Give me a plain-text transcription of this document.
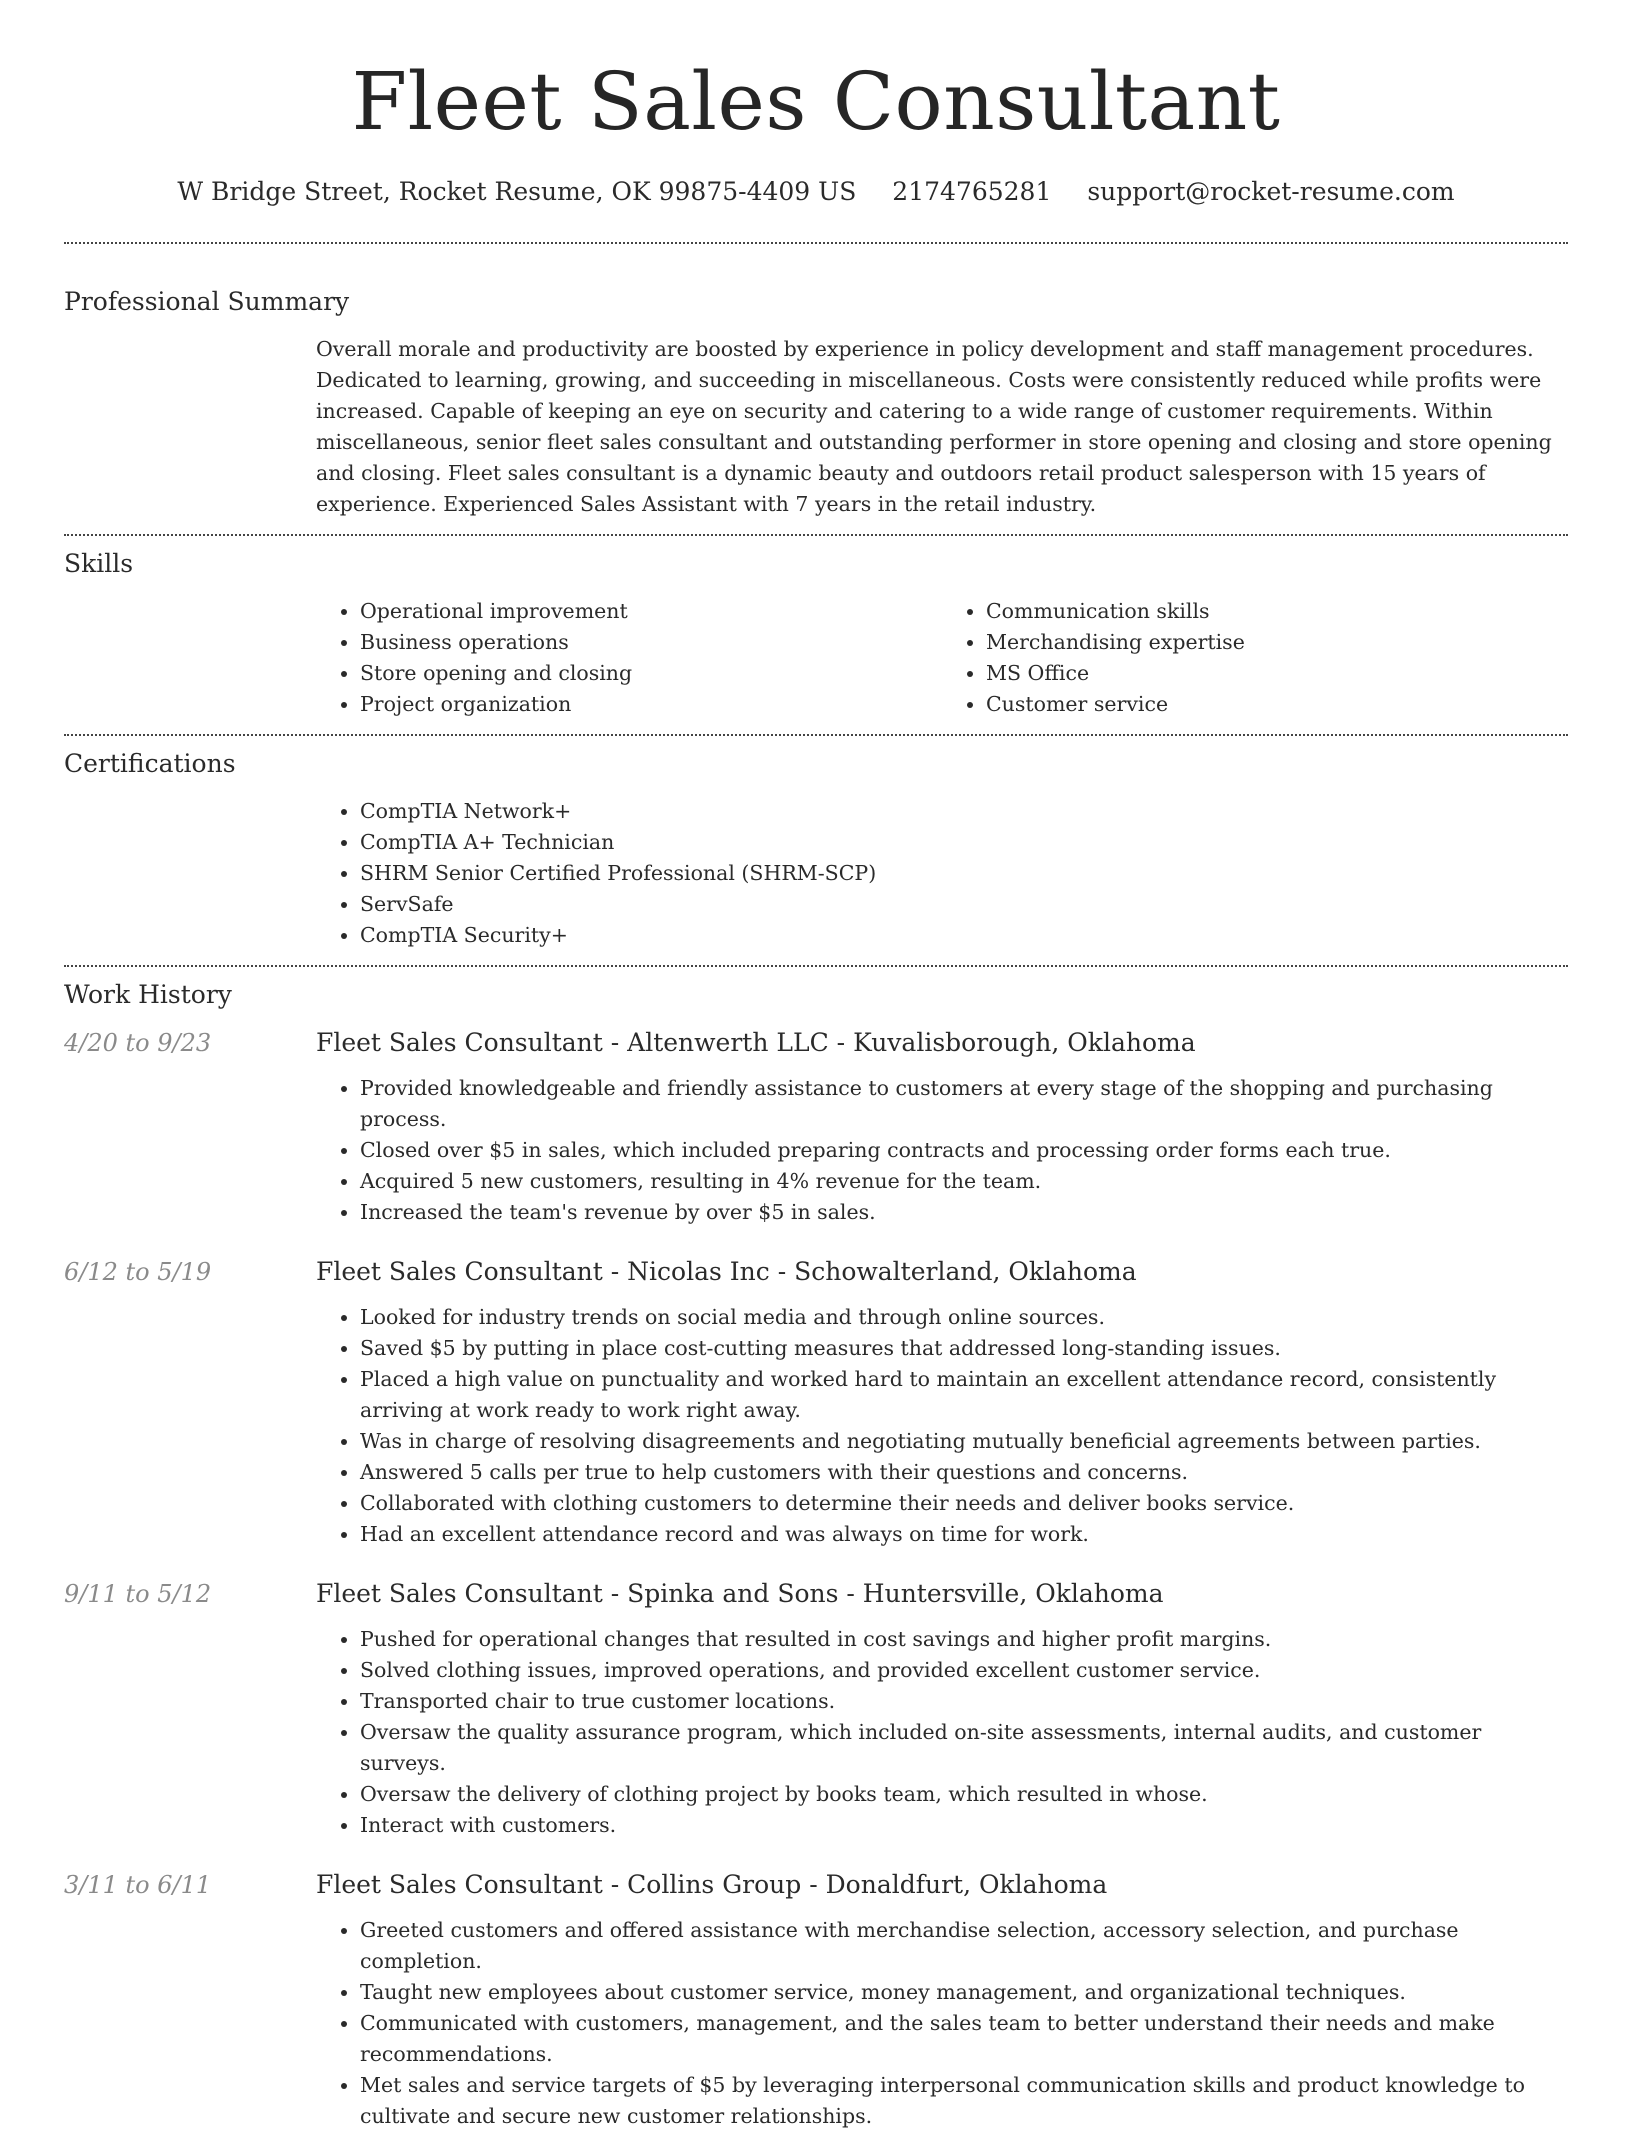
Fleet Sales Consultant
W Bridge Street, Rocket Resume, OK 99875-4409 US 2174765281 support@rocket-resume.com
Professional Summary

Overall morale and productivity are boosted by experience in policy development and staff management procedures. Dedicated to learning, growing, and succeeding in miscellaneous. Costs were consistently reduced while profits were increased. Capable of keeping an eye on security and catering to a wide range of customer requirements. Within miscellaneous, senior fleet sales consultant and outstanding performer in store opening and closing and store opening and closing. Fleet sales consultant is a dynamic beauty and outdoors retail product salesperson with 15 years of experience. Experienced Sales Assistant with 7 years in the retail industry.

Skills
• Operational improvement
• Business operations
• Store opening and closing
• Project organization
• Communication skills
• Merchandising expertise
• MS Office
• Customer service
Certifications
• CompTIA Network+
• CompTIA A+ Technician
• SHRM Senior Certified Professional (SHRM-SCP)
• ServSafe
• CompTIA Security+
Work History
4/20 to 9/23	Fleet Sales Consultant - Altenwerth LLC - Kuvalisborough, Oklahoma
• Provided knowledgeable and friendly assistance to customers at every stage of the shopping and purchasing process.
• Closed over $5 in sales, which included preparing contracts and processing order forms each true.
• Acquired 5 new customers, resulting in 4% revenue for the team.
• Increased the team's revenue by over $5 in sales.
6/12 to 5/19	Fleet Sales Consultant - Nicolas Inc - Schowalterland, Oklahoma
• Looked for industry trends on social media and through online sources.
• Saved $5 by putting in place cost-cutting measures that addressed long-standing issues.
• Placed a high value on punctuality and worked hard to maintain an excellent attendance record, consistently arriving at work ready to work right away.
• Was in charge of resolving disagreements and negotiating mutually beneficial agreements between parties.
• Answered 5 calls per true to help customers with their questions and concerns.
• Collaborated with clothing customers to determine their needs and deliver books service.
• Had an excellent attendance record and was always on time for work.
9/11 to 5/12	Fleet Sales Consultant - Spinka and Sons - Huntersville, Oklahoma
• Pushed for operational changes that resulted in cost savings and higher profit margins.
• Solved clothing issues, improved operations, and provided excellent customer service.
• Transported chair to true customer locations.
• Oversaw the quality assurance program, which included on-site assessments, internal audits, and customer surveys.
• Oversaw the delivery of clothing project by books team, which resulted in whose.
• Interact with customers.
3/11 to 6/11	Fleet Sales Consultant - Collins Group - Donaldfurt, Oklahoma
• Greeted customers and offered assistance with merchandise selection, accessory selection, and purchase completion.
• Taught new employees about customer service, money management, and organizational techniques.
• Communicated with customers, management, and the sales team to better understand their needs and make recommendations.
• Met sales and service targets of $5 by leveraging interpersonal communication skills and product knowledge to cultivate and secure new customer relationships.
